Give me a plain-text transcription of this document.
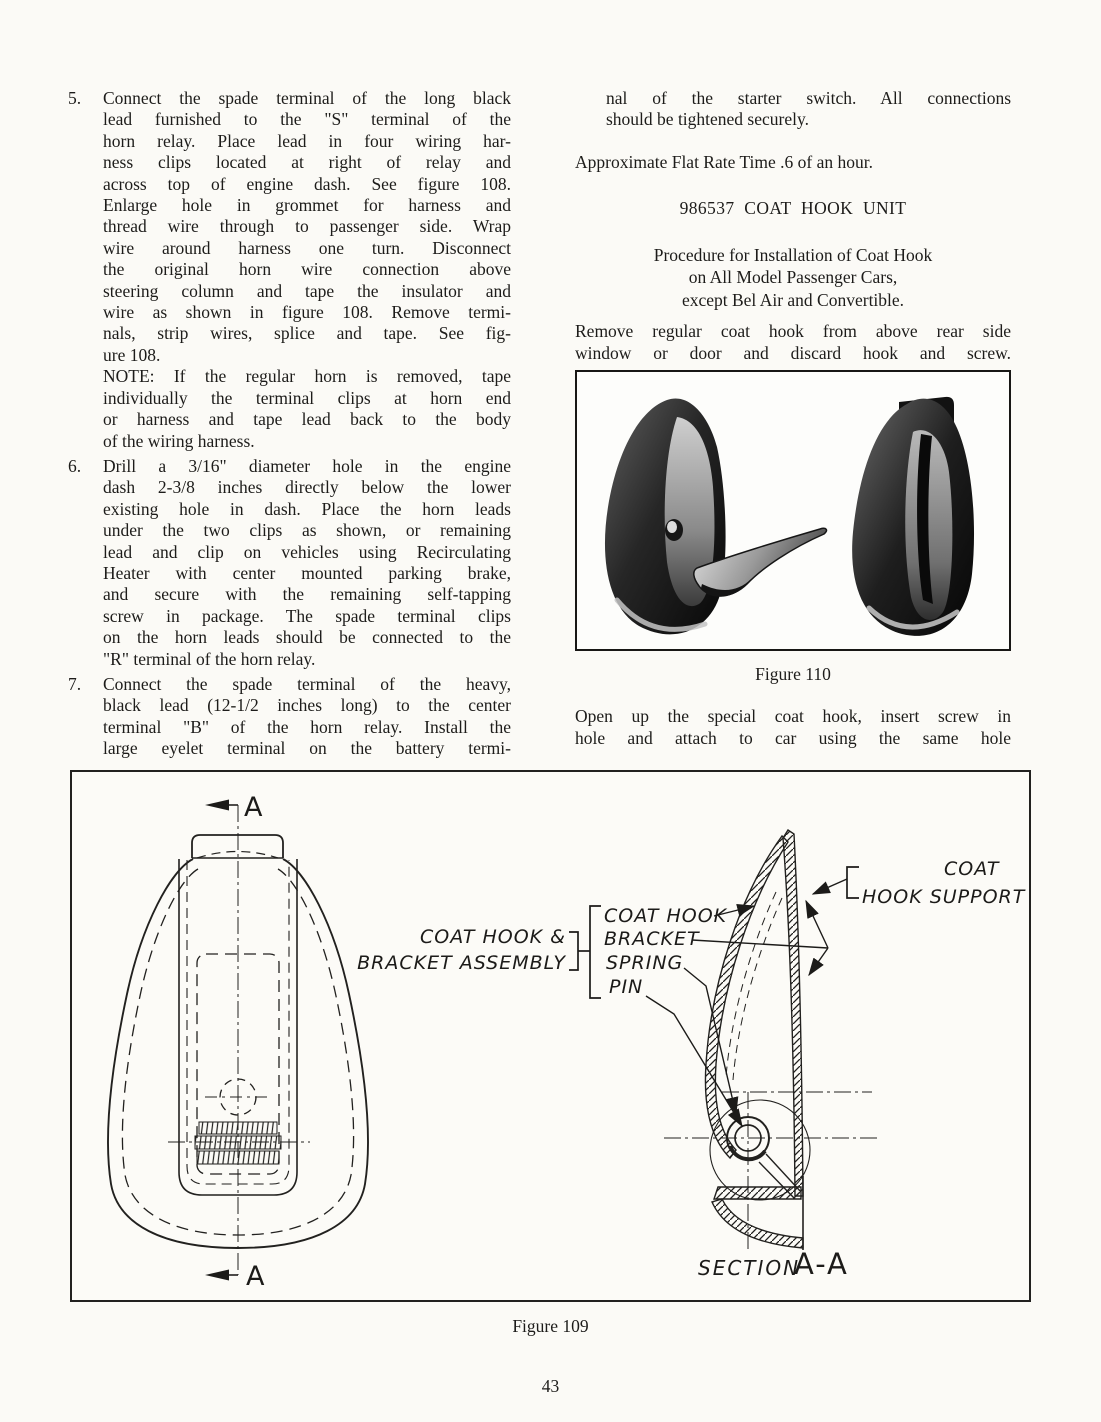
5. Connect the spade terminal of the long black
lead furnished to the "S" terminal of the
horn relay. Place lead in four wiring har-
ness clips located at right of relay and
across top of engine dash. See figure 108.
Enlarge hole in grommet for harness and
thread wire through to passenger side. Wrap
wire around harness one turn. Disconnect
the original horn wire connection above
steering column and tape the insulator and
wire as shown in figure 108. Remove termi-
nals, strip wires, splice and tape. See fig-
ure 108.
NOTE: If the regular horn is removed, tape
individually the terminal clips at horn end
or harness and tape lead back to the body
of the wiring harness.
6. Drill a 3/16" diameter hole in the engine
dash 2-3/8 inches directly below the lower
existing hole in dash. Place the horn leads
under the two clips as shown, or remaining
lead and clip on vehicles using Recirculating
Heater with center mounted parking brake,
and secure with the remaining self-tapping
screw in package. The spade terminal clips
on the horn leads should be connected to the
"R" terminal of the horn relay.
7. Connect the spade terminal of the heavy,
black lead (12-1/2 inches long) to the center
terminal "B" of the horn relay. Install the
large eyelet terminal on the battery termi-
nal of the starter switch. All connections
should be tightened securely.
Approximate Flat Rate Time .6 of an hour.
986537 COAT HOOK UNIT
Procedure for Installation of Coat Hook
on All Model Passenger Cars,
except Bel Air and Convertible.
Remove regular coat hook from above rear side
window or door and discard hook and screw.
Figure 110
Open up the special coat hook, insert screw in
hole and attach to car using the same hole
A
A
COAT
HOOK SUPPORT
COAT HOOK
BRACKET
SPRING
PIN
COAT HOOK &
BRACKET ASSEMBLY
SECTION
A-A
Figure 109
43
